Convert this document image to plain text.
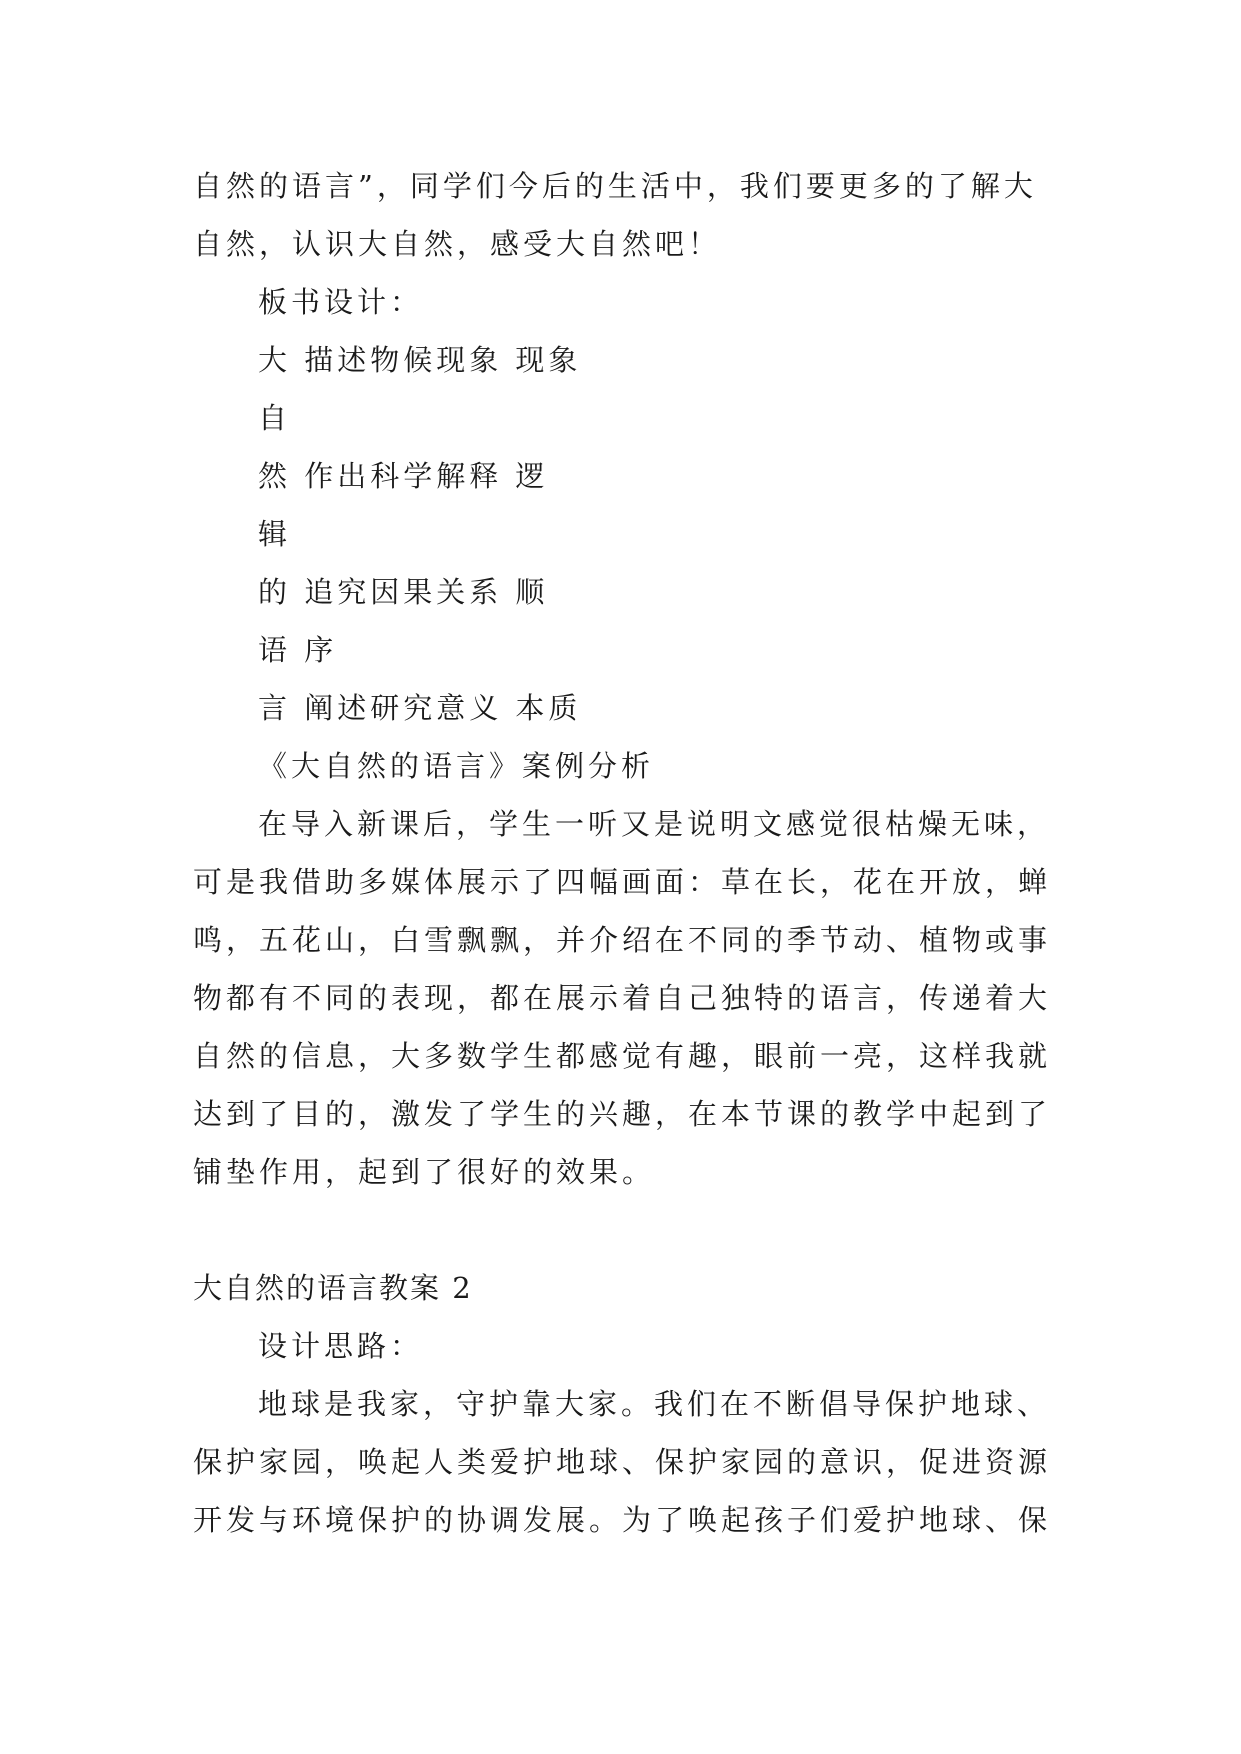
自然的语言”，同学们今后的生活中，我们要更多的了解大
自然，认识大自然，感受大自然吧！
板书设计：
大 描述物候现象 现象
自
然 作出科学解释 逻
辑
的 追究因果关系 顺
语 序
言 阐述研究意义 本质
《大自然的语言》案例分析
在导入新课后，学生一听又是说明文感觉很枯燥无味，
可是我借助多媒体展示了四幅画面：草在长，花在开放，蝉
鸣，五花山，白雪飘飘，并介绍在不同的季节动、植物或事
物都有不同的表现，都在展示着自己独特的语言，传递着大
自然的信息，大多数学生都感觉有趣，眼前一亮，这样我就
达到了目的，激发了学生的兴趣，在本节课的教学中起到了
铺垫作用，起到了很好的效果。
大自然的语言教案 2
设计思路：
地球是我家，守护靠大家。我们在不断倡导保护地球、
保护家园，唤起人类爱护地球、保护家园的意识，促进资源
开发与环境保护的协调发展。为了唤起孩子们爱护地球、保
